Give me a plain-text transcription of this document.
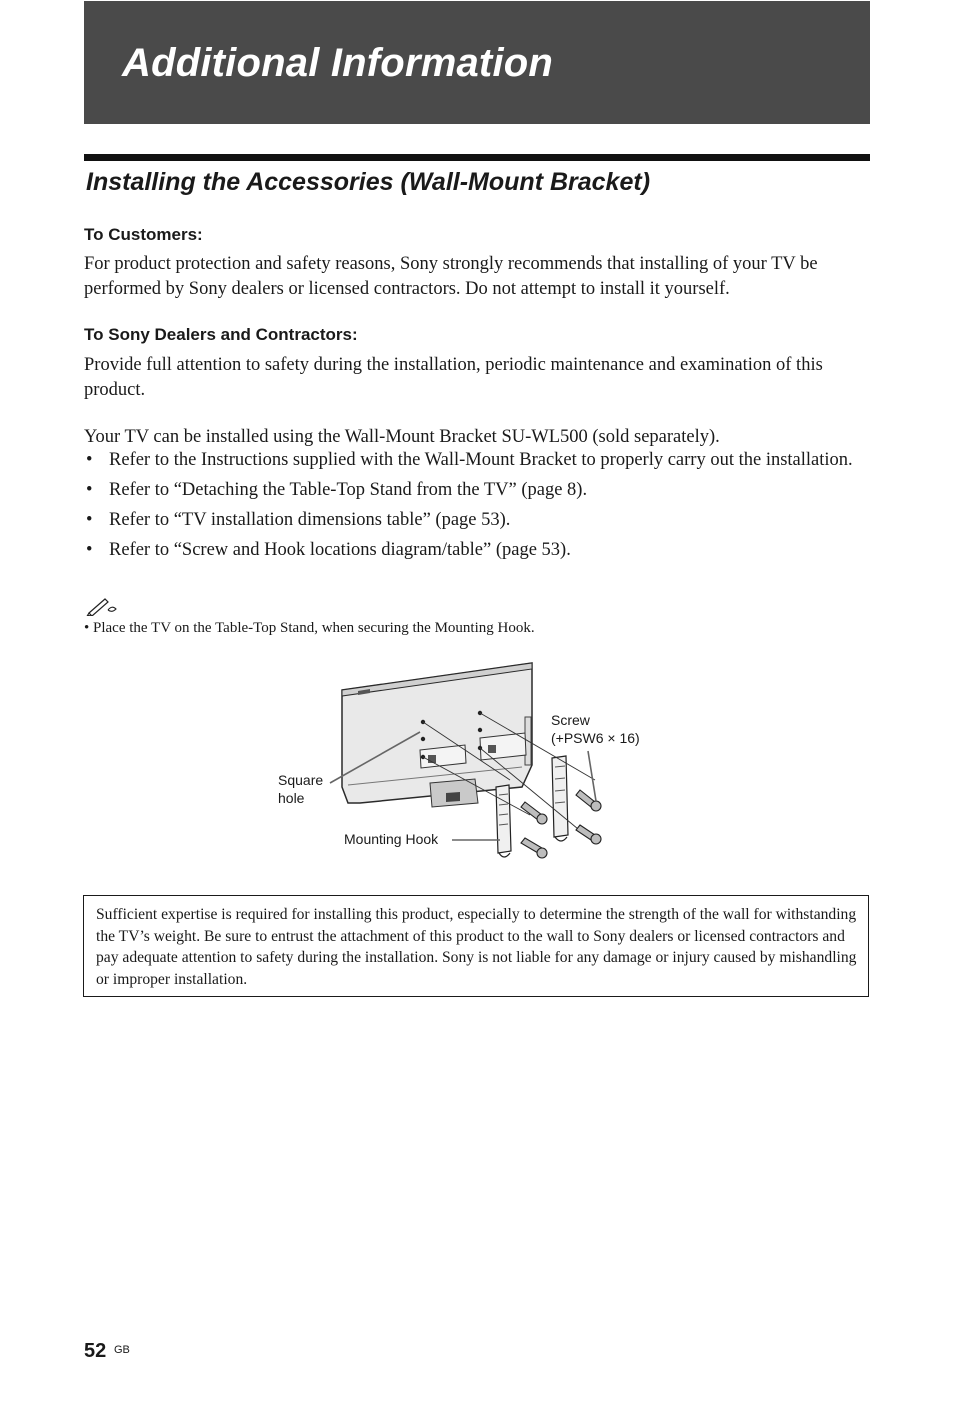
Additional Information
Installing the Accessories (Wall-Mount Bracket)
To Customers:

For product protection and safety reasons, Sony strongly recommends that installing of your TV be performed by Sony dealers or licensed contractors. Do not attempt to install it yourself.

To Sony Dealers and Contractors:

Provide full attention to safety during the installation, periodic maintenance and examination of this product.

Your TV can be installed using the Wall-Mount Bracket SU-WL500 (sold separately).

• Refer to the Instructions supplied with the Wall-Mount Bracket to properly carry out the installation.
• Refer to “Detaching the Table-Top Stand from the TV” (page 8).
• Refer to “TV installation dimensions table” (page 53).
• Refer to “Screw and Hook locations diagram/table” (page 53).

• Place the TV on the Table-Top Stand, when securing the Mounting Hook.

Screw
(+PSW6 × 16)

Square
hole

Mounting Hook

Sufficient expertise is required for installing this product, especially to determine the strength of the wall for withstanding the TV’s weight. Be sure to entrust the attachment of this product to the wall to Sony dealers or licensed contractors and pay adequate attention to safety during the installation. Sony is not liable for any damage or injury caused by mishandling or improper installation.

52 GB
